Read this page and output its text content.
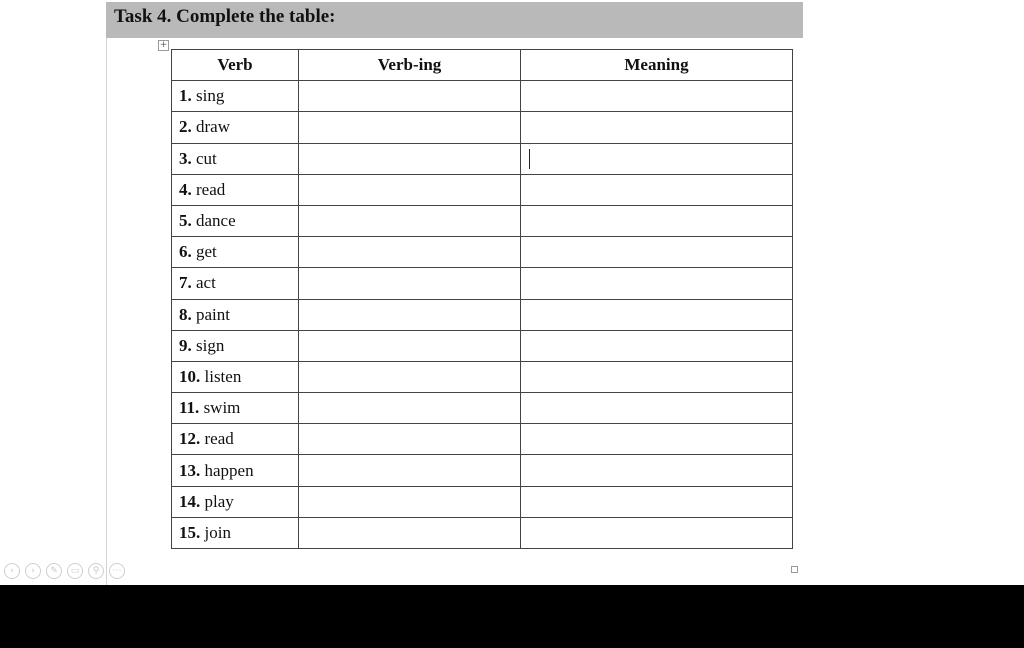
Task 4. Complete the table:
+
Verb	Verb-ing	Meaning
1. sing		
2. draw		
3. cut		
4. read		
5. dance		
6. get		
7. act		
8. paint		
9. sign		
10. listen		
11. swim		
12. read		
13. happen		
14. play		
15. join		
‹	›	✎	▭	⚲	⋯
